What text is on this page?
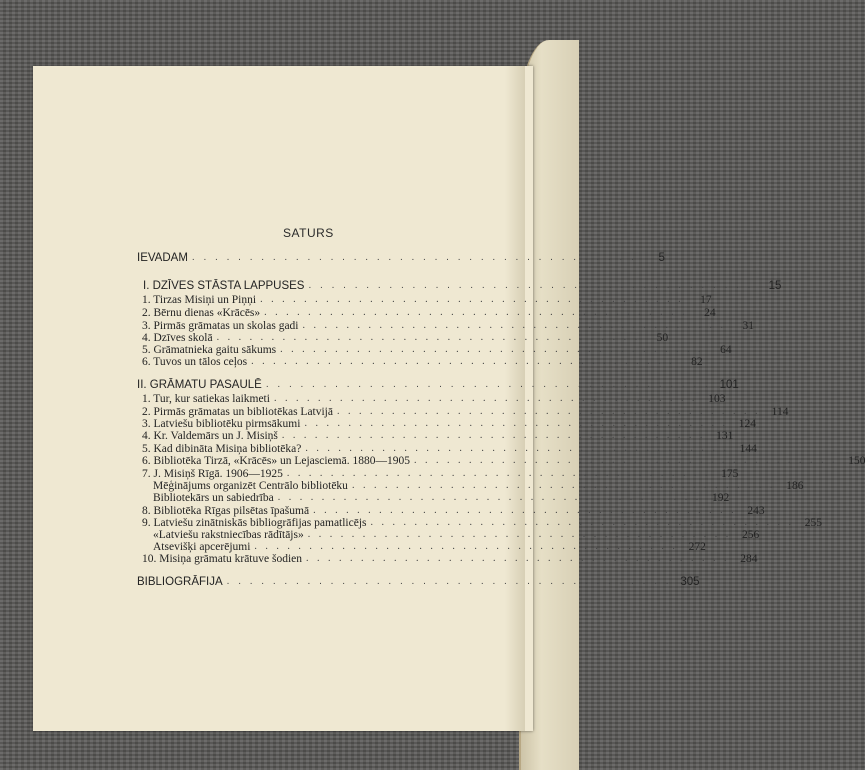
SATURS
IEVADAM . . . . . . . . . . . . . . . . . . . . . . . . . . . . . . . . . . . . . . .	5
I. DZĪVES STĀSTA LAPPUSES . . . . . . . . . . . . . . . . . . . . . . . . . . . . . . . . . . . . . . .	15
1. Tirzas Misiņi un Piņņi . . . . . . . . . . . . . . . . . . . . . . . . . . . . . . . . . . . . . . .	17
2. Bērnu dienas «Krācēs» . . . . . . . . . . . . . . . . . . . . . . . . . . . . . . . . . . . . . . .	24
3. Pirmās grāmatas un skolas gadi . . . . . . . . . . . . . . . . . . . . . . . . . . . . . . . . . . . . . . .	31
4. Dzīves skolā . . . . . . . . . . . . . . . . . . . . . . . . . . . . . . . . . . . . . . .	50
5. Grāmatnieka gaitu sākums . . . . . . . . . . . . . . . . . . . . . . . . . . . . . . . . . . . . . . .	64
6. Tuvos un tālos ceļos . . . . . . . . . . . . . . . . . . . . . . . . . . . . . . . . . . . . . . .	82
II. GRĀMATU PASAULĒ . . . . . . . . . . . . . . . . . . . . . . . . . . . . . . . . . . . . . . . 101
1. Tur, kur satiekas laikmeti . . . . . . . . . . . . . . . . . . . . . . . . . . . . . . . . . . . . . . . 103
2. Pirmās grāmatas un bibliotēkas Latvijā . . . . . . . . . . . . . . . . . . . . . . . . . . . . . . . . . . . . . . . 114
3. Latviešu bibliotēku pirmsākumi . . . . . . . . . . . . . . . . . . . . . . . . . . . . . . . . . . . . . . . 124
4. Kr. Valdemārs un J. Misiņš . . . . . . . . . . . . . . . . . . . . . . . . . . . . . . . . . . . . . . . 131
5. Kad dibināta Misiņa bibliotēka? . . . . . . . . . . . . . . . . . . . . . . . . . . . . . . . . . . . . . . . 144
6. Bibliotēka Tirzā, «Krācēs» un Lejasciemā. 1880—1905 . . . . . . . . . . . . . . . . . . . . . . . . . . . . . . . . . . . . . . . 150
7. J. Misiņš Rīgā. 1906—1925 . . . . . . . . . . . . . . . . . . . . . . . . . . . . . . . . . . . . . . . 175
Mēģinājums organizēt Centrālo bibliotēku . . . . . . . . . . . . . . . . . . . . . . . . . . . . . . . . . . . . . . . 186
Bibliotekārs un sabiedrība . . . . . . . . . . . . . . . . . . . . . . . . . . . . . . . . . . . . . . . 192
8. Bibliotēka Rīgas pilsētas īpašumā . . . . . . . . . . . . . . . . . . . . . . . . . . . . . . . . . . . . . . . 243
9. Latviešu zinātniskās bibliogrāfijas pamatlicējs . . . . . . . . . . . . . . . . . . . . . . . . . . . . . . . . . . . . . . . 255
«Latviešu rakstniecības rādītājs» . . . . . . . . . . . . . . . . . . . . . . . . . . . . . . . . . . . . . . . 256
Atsevišķi apcerējumi . . . . . . . . . . . . . . . . . . . . . . . . . . . . . . . . . . . . . . . 272
10. Misiņa grāmatu krātuve šodien . . . . . . . . . . . . . . . . . . . . . . . . . . . . . . . . . . . . . . . 284
BIBLIOGRĀFIJA . . . . . . . . . . . . . . . . . . . . . . . . . . . . . . . . . . . . . . . 305
